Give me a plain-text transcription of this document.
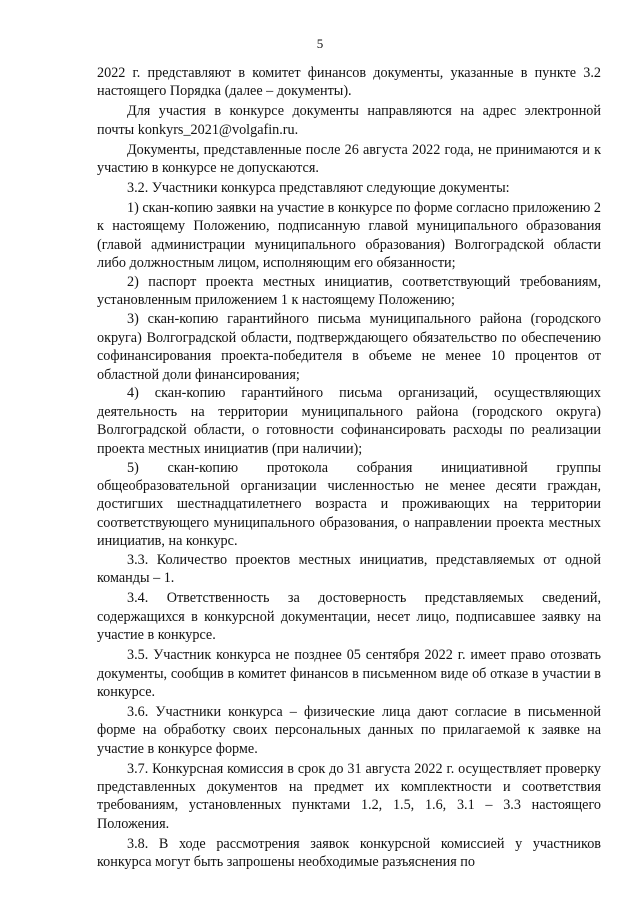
5

2022 г. представляют в комитет финансов документы, указанные в пункте 3.2 настоящего Порядка (далее – документы).

Для участия в конкурсе документы направляются на адрес электронной почты konkyrs_2021@volgafin.ru.

Документы, представленные после 26 августа 2022 года, не принимаются и к участию в конкурсе не допускаются.

3.2. Участники конкурса представляют следующие документы:

1) скан-копию заявки на участие в конкурсе по форме согласно приложению 2 к настоящему Положению, подписанную главой муниципального образования (главой администрации муниципального образования) Волгоградской области либо должностным лицом, исполняющим его обязанности;

2) паспорт проекта местных инициатив, соответствующий требованиям, установленным приложением 1 к настоящему Положению;

3) скан-копию гарантийного письма муниципального района (городского округа) Волгоградской области, подтверждающего обязательство по обеспечению софинансирования проекта-победителя в объеме не менее 10 процентов от областной доли финансирования;

4) скан-копию гарантийного письма организаций, осуществляющих деятельность на территории муниципального района (городского округа) Волгоградской области, о готовности софинансировать расходы по реализации проекта местных инициатив (при наличии);

5) скан-копию протокола собрания инициативной группы общеобразовательной организации численностью не менее десяти граждан, достигших шестнадцатилетнего возраста и проживающих на территории соответствующего муниципального образования, о направлении проекта местных инициатив, на конкурс.

3.3. Количество проектов местных инициатив, представляемых от одной команды – 1.

3.4. Ответственность за достоверность представляемых сведений, содержащихся в конкурсной документации, несет лицо, подписавшее заявку на участие в конкурсе.

3.5. Участник конкурса не позднее 05 сентября 2022 г. имеет право отозвать документы, сообщив в комитет финансов в письменном виде об отказе в участии в конкурсе.

3.6. Участники конкурса – физические лица дают согласие в письменной форме на обработку своих персональных данных по прилагаемой к заявке на участие в конкурсе форме.

3.7. Конкурсная комиссия в срок до 31 августа 2022 г. осуществляет проверку представленных документов на предмет их комплектности и соответствия требованиям, установленных пунктами 1.2, 1.5, 1.6, 3.1 – 3.3 настоящего Положения.

3.8. В ходе рассмотрения заявок конкурсной комиссией у участников конкурса могут быть запрошены необходимые разъяснения по
